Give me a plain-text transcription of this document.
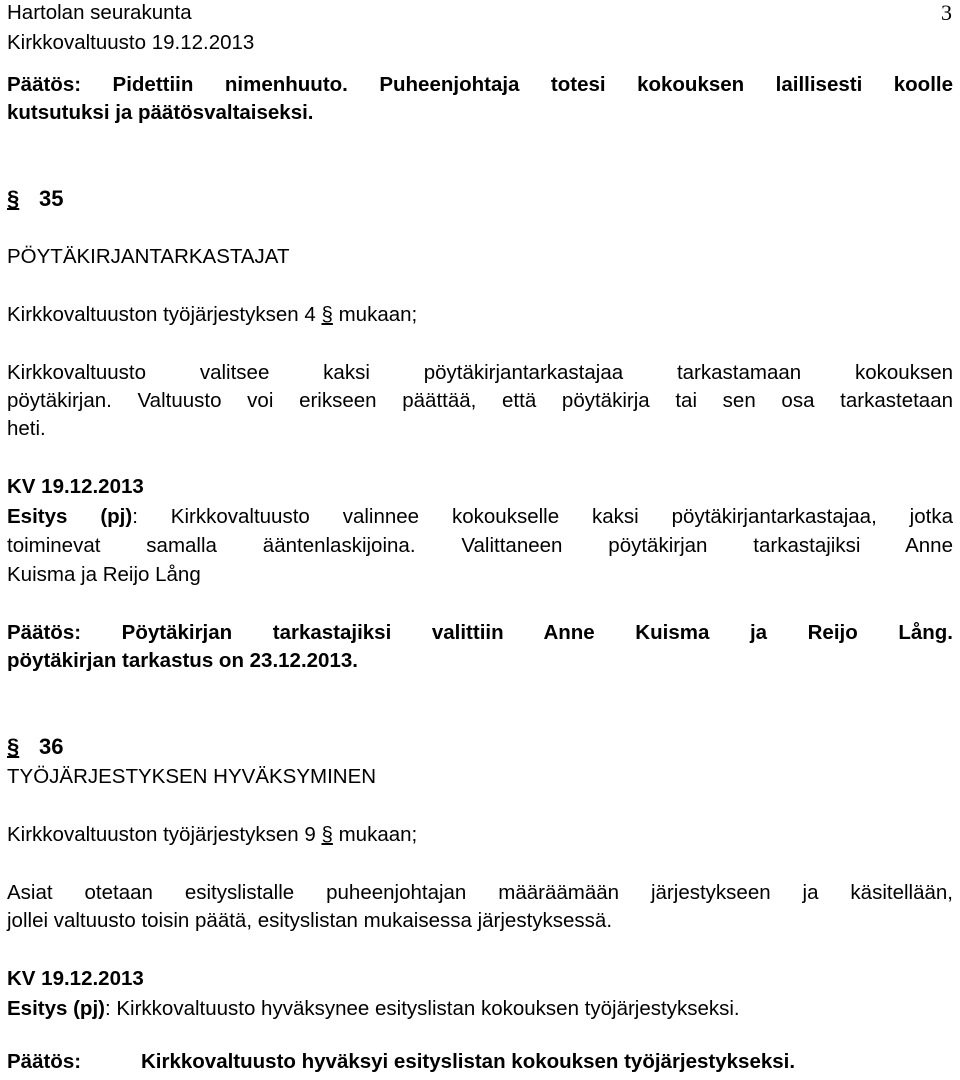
Hartolan seurakunta	3
Kirkkovaltuusto 19.12.2013
Päätös: Pidettiin nimenhuuto. Puheenjohtaja totesi kokouksen laillisesti koolle
kutsutuksi ja päätösvaltaiseksi.
§ 35
PÖYTÄKIRJANTARKASTAJAT
Kirkkovaltuuston työjärjestyksen 4 § mukaan;
Kirkkovaltuusto valitsee kaksi pöytäkirjantarkastajaa tarkastamaan kokouksen
pöytäkirjan. Valtuusto voi erikseen päättää, että pöytäkirja tai sen osa tarkastetaan
heti.
KV 19.12.2013
Esitys (pj): Kirkkovaltuusto valinnee kokoukselle kaksi pöytäkirjantarkastajaa, jotka
toiminevat samalla ääntenlaskijoina. Valittaneen pöytäkirjan tarkastajiksi Anne
Kuisma ja Reijo Lång
Päätös: Pöytäkirjan tarkastajiksi valittiin Anne Kuisma ja Reijo Lång.
pöytäkirjan tarkastus on 23.12.2013.
§ 36
TYÖJÄRJESTYKSEN HYVÄKSYMINEN
Kirkkovaltuuston työjärjestyksen 9 § mukaan;
Asiat otetaan esityslistalle puheenjohtajan määräämään järjestykseen ja käsitellään,
jollei valtuusto toisin päätä, esityslistan mukaisessa järjestyksessä.
KV 19.12.2013
Esitys (pj): Kirkkovaltuusto hyväksynee esityslistan kokouksen työjärjestykseksi.
Päätös:	Kirkkovaltuusto hyväksyi esityslistan kokouksen työjärjestykseksi.
